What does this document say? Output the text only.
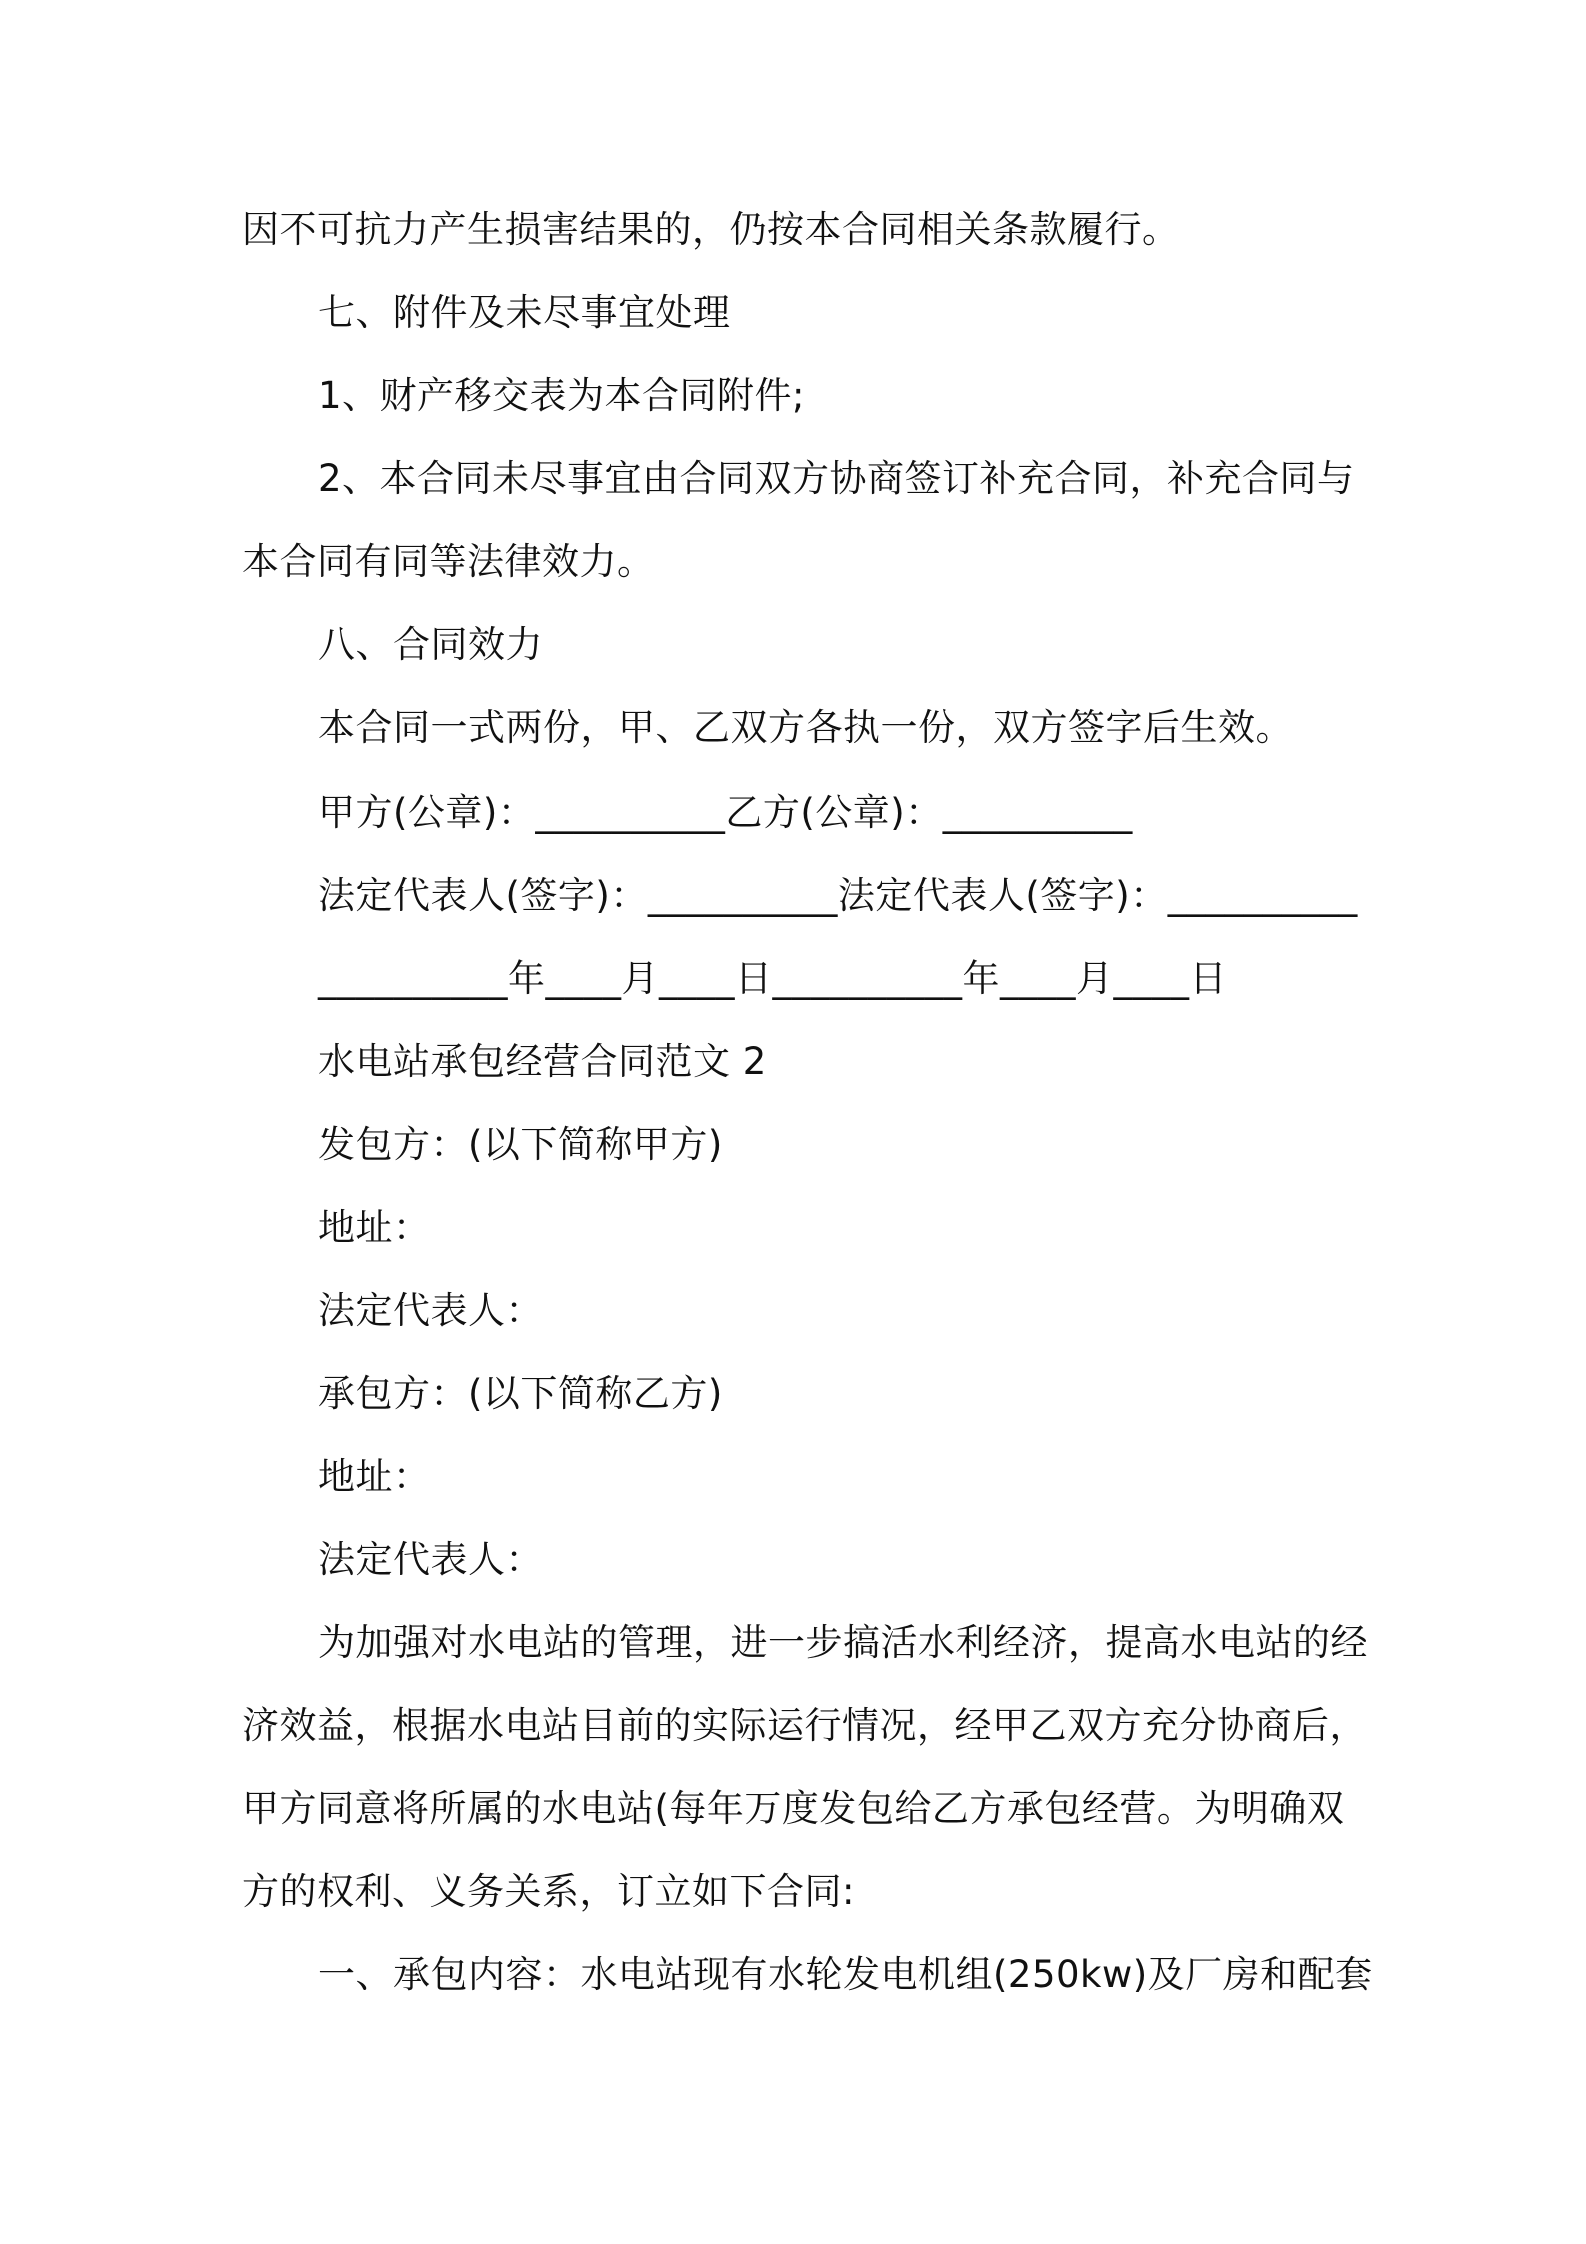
因不可抗力产生损害结果的，仍按本合同相关条款履行。
七、附件及未尽事宜处理
1、财产移交表为本合同附件;
2、本合同未尽事宜由合同双方协商签订补充合同，补充合同与
本合同有同等法律效力。
八、合同效力
本合同一式两份，甲、乙双方各执一份，双方签字后生效。
甲方(公章)：__________乙方(公章)：__________
法定代表人(签字)：__________法定代表人(签字)：__________
__________年____月____日__________年____月____日
水电站承包经营合同范文 2
发包方：(以下简称甲方)
地址：
法定代表人：
承包方：(以下简称乙方)
地址：
法定代表人：
为加强对水电站的管理，进一步搞活水利经济，提高水电站的经
济效益，根据水电站目前的实际运行情况，经甲乙双方充分协商后，
甲方同意将所属的水电站(每年万度发包给乙方承包经营。为明确双
方的权利、义务关系，订立如下合同:
一、承包内容：水电站现有水轮发电机组(250kw)及厂房和配套
